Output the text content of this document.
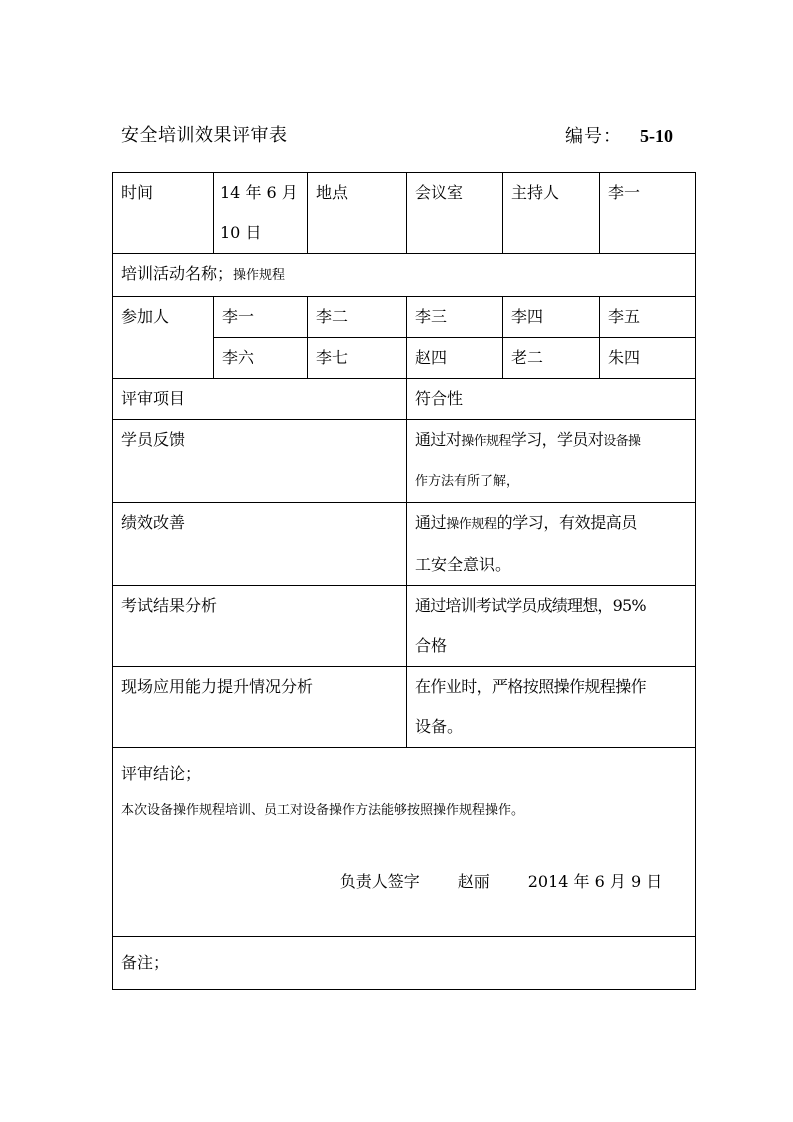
安全培训效果评审表	编号： 5-10
时间	14 年 6 月
10 日	地点	会议室	主持人	李一
培训活动名称；操作规程					
参加人	李一	李二	李三	李四	李五
	李六	李七	赵四	老二	朱四
评审项目			符合性		
学员反馈			通过对操作规程学习，学员对设备操
作方法有所了解，		

绩效改善			通过操作规程的学习，有效提高员
工安全意识。		

考试结果分析			通过培训考试学员成绩理想，95%
合格		

现场应用能力提升情况分析			在作业时，严格按照操作规程操作
设备。		

评审结论；
本次设备操作规程培训、员工对设备操作方法能够按照操作规程操作。

负责人签字 赵丽 2014 年 6 月 9 日					

备注；					
